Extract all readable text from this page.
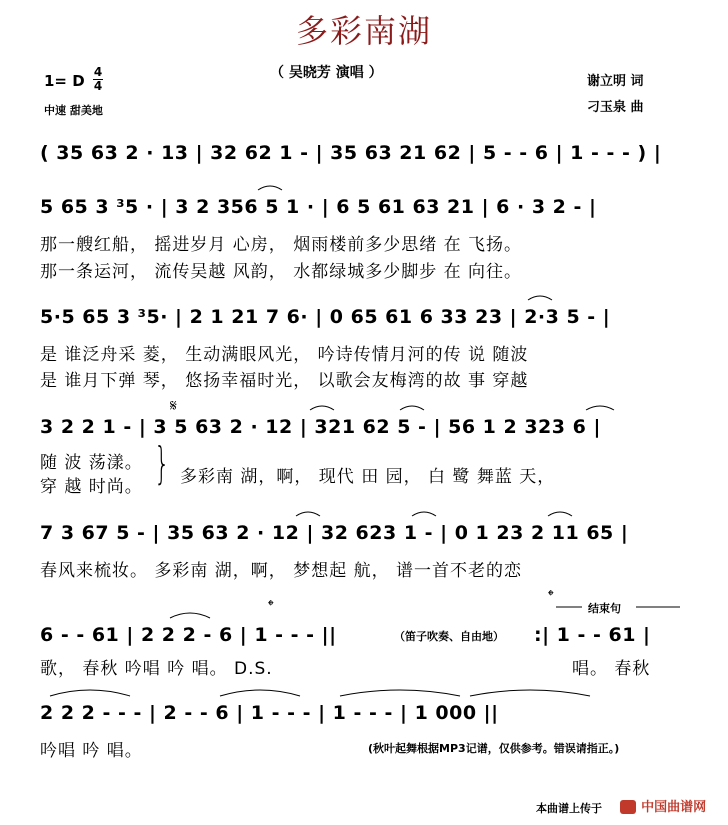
多彩南湖
（ 吴晓芳 演唱 ）
1= D 4
4
中速 甜美地
谢立明 词
刁玉泉 曲
( 35 63 2 · 13 | 32 62 1 - | 35 63 21 62 | 5 - - 6 | 1 - - - ) |
5 65 3 ³5 · | 3 2 356 5 1 · | 6 5 61 63 21 | 6 · 3 2 - |
那一艘红船， 摇进岁月 心房， 烟雨楼前多少思绪 在 飞扬。
那一条运河， 流传吴越 风韵， 水都绿城多少脚步 在 向往。
5·5 65 3 ³5· | 2 1 21 7 6· | 0 65 61 6 33 23 | 2·3 5 - |
是 谁泛舟采 菱， 生动满眼风光， 吟诗传情月河的传 说 随波
是 谁月下弹 琴， 悠扬幸福时光， 以歌会友梅湾的故 事 穿越
𝄋
3 2 2 1 - | 3 5 63 2 · 12 | 321 62 5 - | 56 1 2 323 6 |
随 波 荡漾。
穿 越 时尚。 } 多彩南 湖，啊， 现代 田 园， 白 鹭 舞蓝 天，
7 3 67 5 - | 35 63 2 · 12 | 32 623 1 - | 0 1 23 2 11 65 |
春风来梳妆。 多彩南 湖，啊， 梦想起 航， 谱一首不老的恋
𝄌
𝄌
结束句
6 - - 61 | 2 2 2 - 6 | 1 - - - ||	（笛子吹奏、自由地） :| 1 - - 61 |
歌， 春秋 吟唱 吟 唱。 D.S.	唱。 春秋
2 2 2 - - - | 2 - - 6 | 1 - - - | 1 - - - | 1 000 ||
吟唱 吟 唱。	(秋叶起舞根据MP3记谱，仅供参考。错误请指正。)
本曲谱上传于	中国曲谱网
